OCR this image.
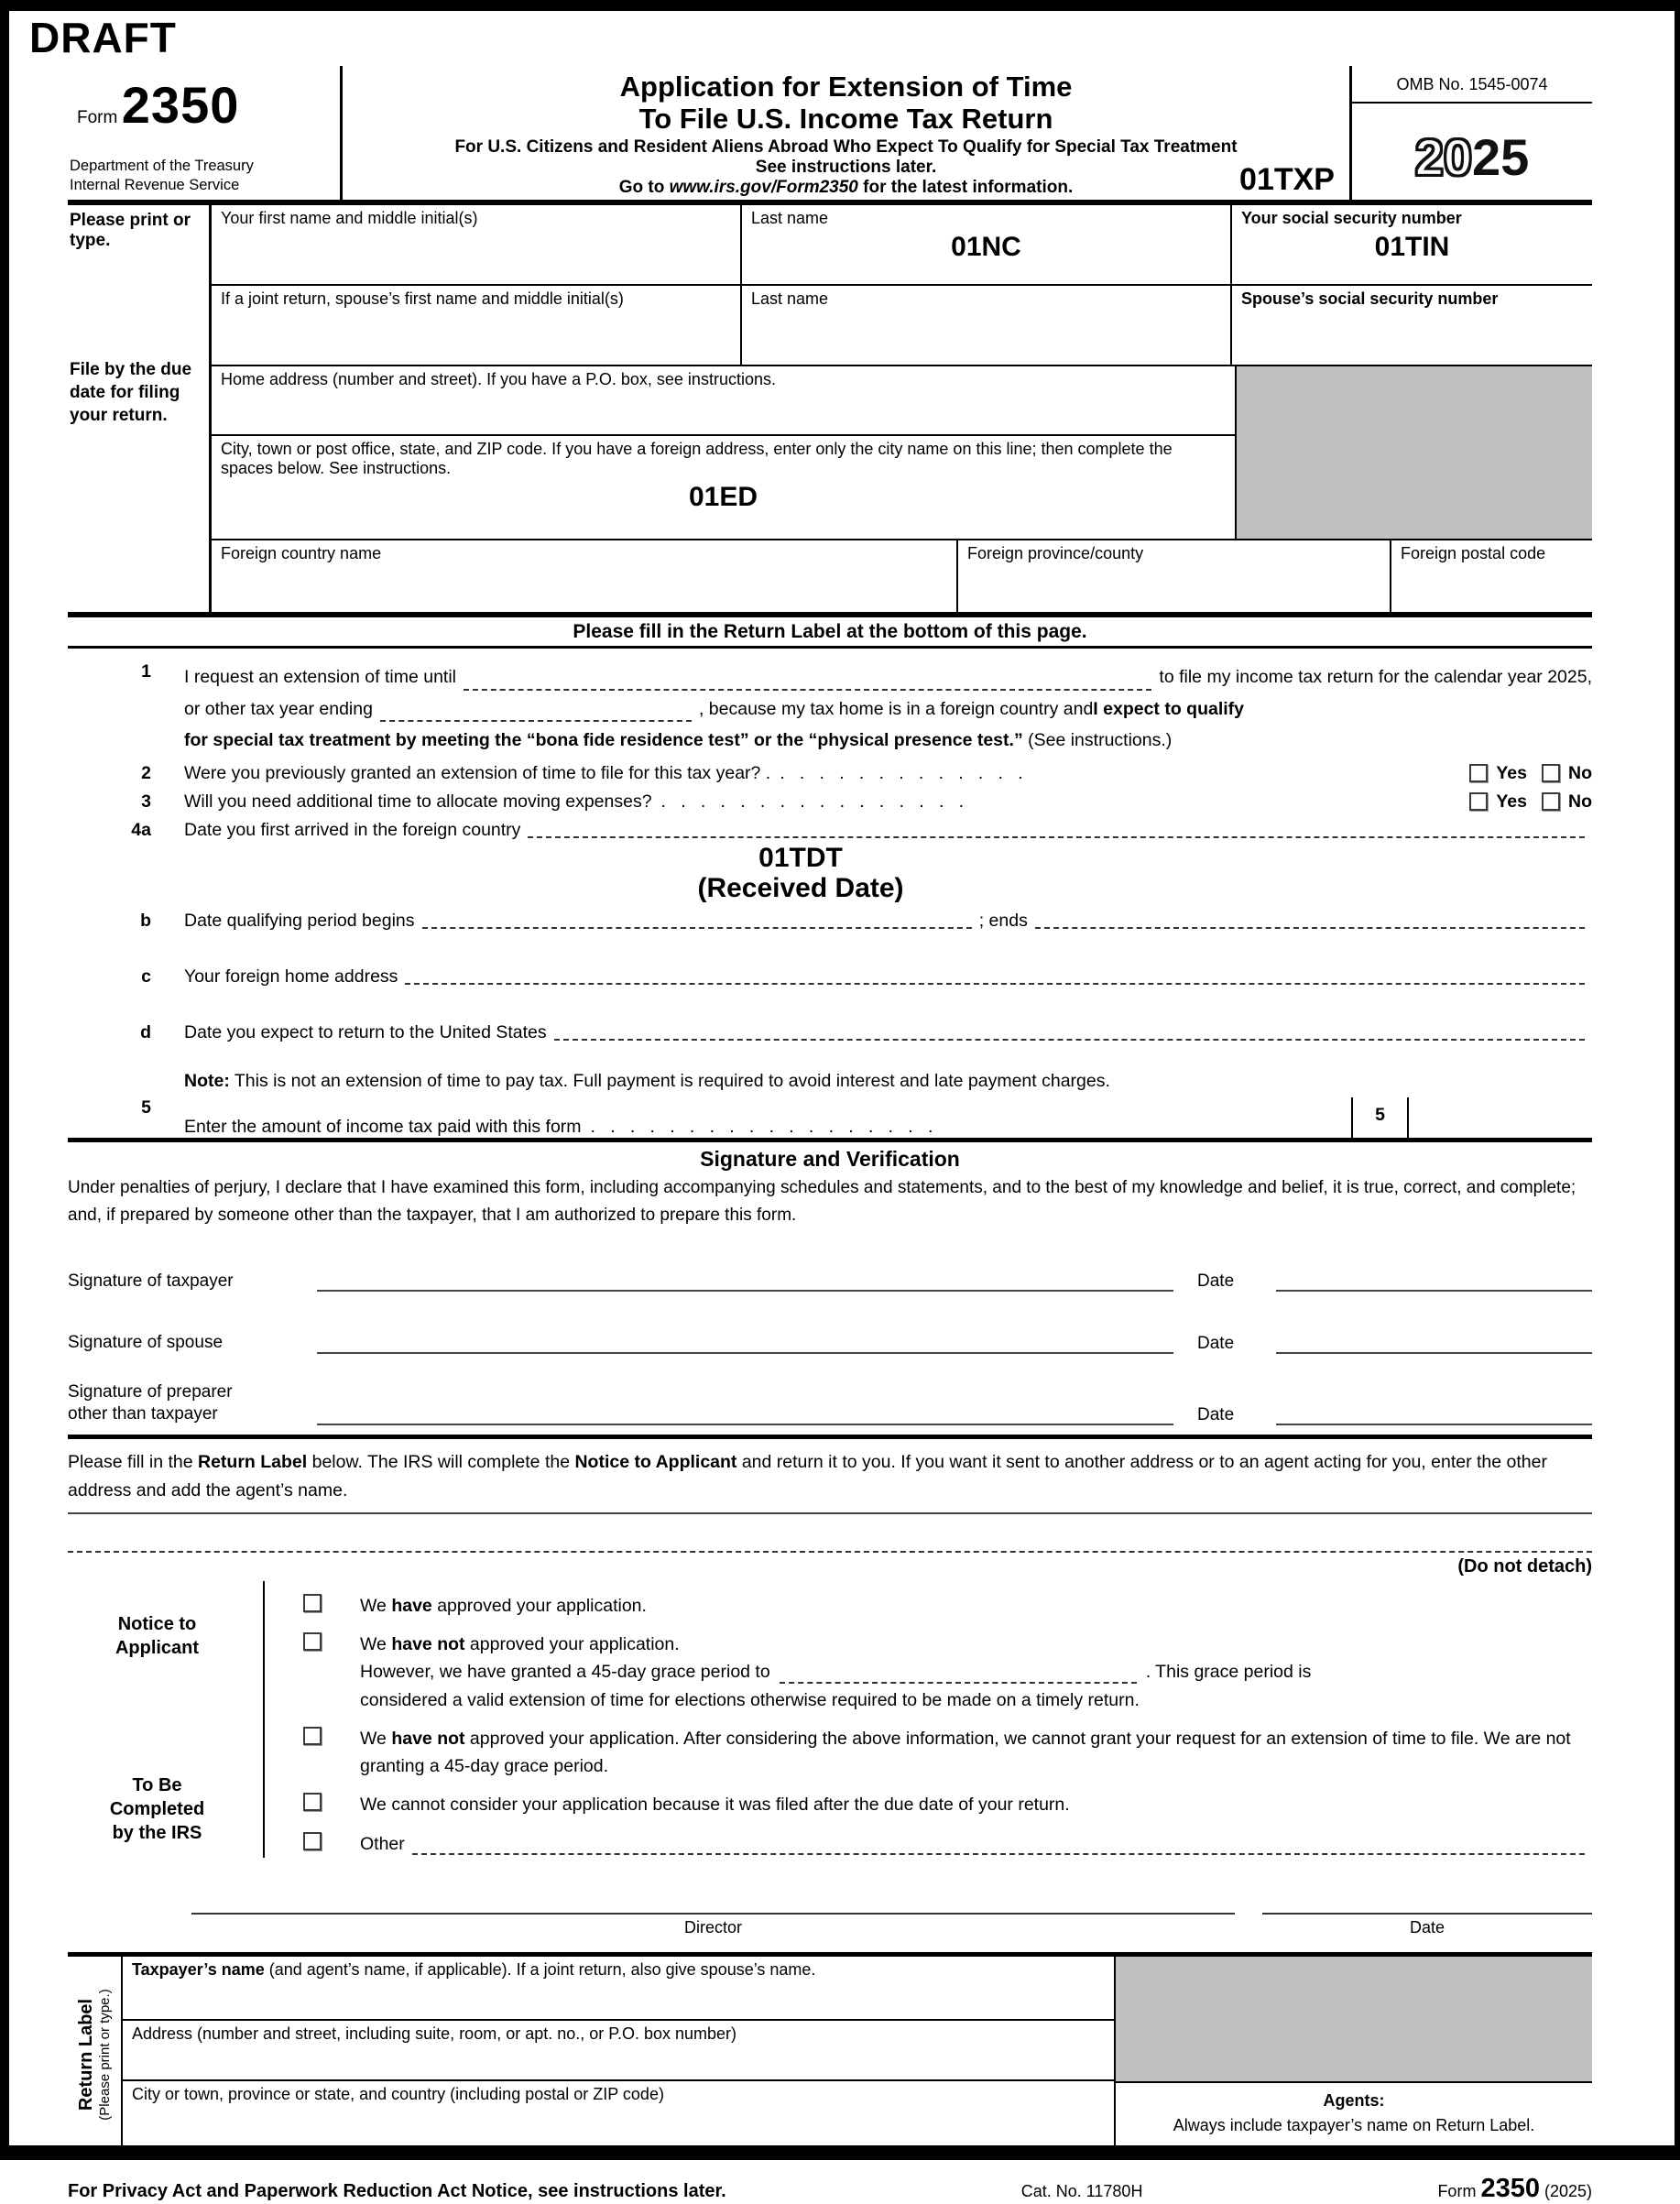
DRAFT
Form 2350
Department of the Treasury
Internal Revenue Service
Application for Extension of Time
To File U.S. Income Tax Return
For U.S. Citizens and Resident Aliens Abroad Who Expect To Qualify for Special Tax Treatment
See instructions later.
Go to www.irs.gov/Form2350 for the latest information.	01TXP
OMB No. 1545-0074
2025
Please print or type.
File by the due date for filing your return.
Your first name and middle initial(s)	Last name
01NC
Your social security number
01TIN
If a joint return, spouse’s first name and middle initial(s)	Last name	Spouse’s social security number
Home address (number and street). If you have a P.O. box, see instructions.
City, town or post office, state, and ZIP code. If you have a foreign address, enter only the city name on this line; then complete the spaces below. See instructions.
01ED
Foreign country name	Foreign province/county	Foreign postal code
Please fill in the Return Label at the bottom of this page.
1	I request an extension of time until	to file my income tax return for the calendar year 2025,
or other tax year ending	, because my tax home is in a foreign country and I expect to qualify
for special tax treatment by meeting the “bona fide residence test” or the “physical presence test.” (See instructions.)
2	Were you previously granted an extension of time to file for this tax year? . .   .   .   .   .   .   .   .   .   .   .   .   .	Yes No
3	Will you need additional time to allocate moving expenses? .   .   .   .   .   .   .   .   .   .   .   .   .   .   .   .	Yes No
4a	Date you first arrived in the foreign country
01TDT
(Received Date)
b	Date qualifying period begins	; ends
c	Your foreign home address
d	Date you expect to return to the United States
Note: This is not an extension of time to pay tax. Full payment is required to avoid interest and late payment charges.
5
Enter the amount of income tax paid with this form .   .   .   .   .   .   .   .   .   .   .   .   .   .   .   .   .   .
5
Signature and Verification
Under penalties of perjury, I declare that I have examined this form, including accompanying schedules and statements, and to the best of my knowledge and belief, it is true, correct, and complete; and, if prepared by someone other than the taxpayer, that I am authorized to prepare this form.
Signature of taxpayer	Date
Signature of spouse	Date
Signature of preparer
other than taxpayer	Date
Please fill in the Return Label below. The IRS will complete the Notice to Applicant and return it to you. If you want it sent to another address or to an agent acting for you, enter the other address and add the agent’s name.
(Do not detach)
Notice to
Applicant
To Be
Completed
by the IRS
We have approved your application.
We have not approved your application.
However, we have granted a 45-day grace period to	. This grace period is
considered a valid extension of time for elections otherwise required to be made on a timely return.
We have not approved your application. After considering the above information, we cannot grant your request for an extension of time to file. We are not granting a 45-day grace period.
We cannot consider your application because it was filed after the due date of your return.
Other
Director	Date
Return Label (Please print or type.)
Taxpayer’s name (and agent’s name, if applicable). If a joint return, also give spouse’s name.
Address (number and street, including suite, room, or apt. no., or P.O. box number)
City or town, province or state, and country (including postal or ZIP code)	Agents:
Always include taxpayer’s name on Return Label.
For Privacy Act and Paperwork Reduction Act Notice, see instructions later.	Cat. No. 11780H	Form 2350 (2025)
